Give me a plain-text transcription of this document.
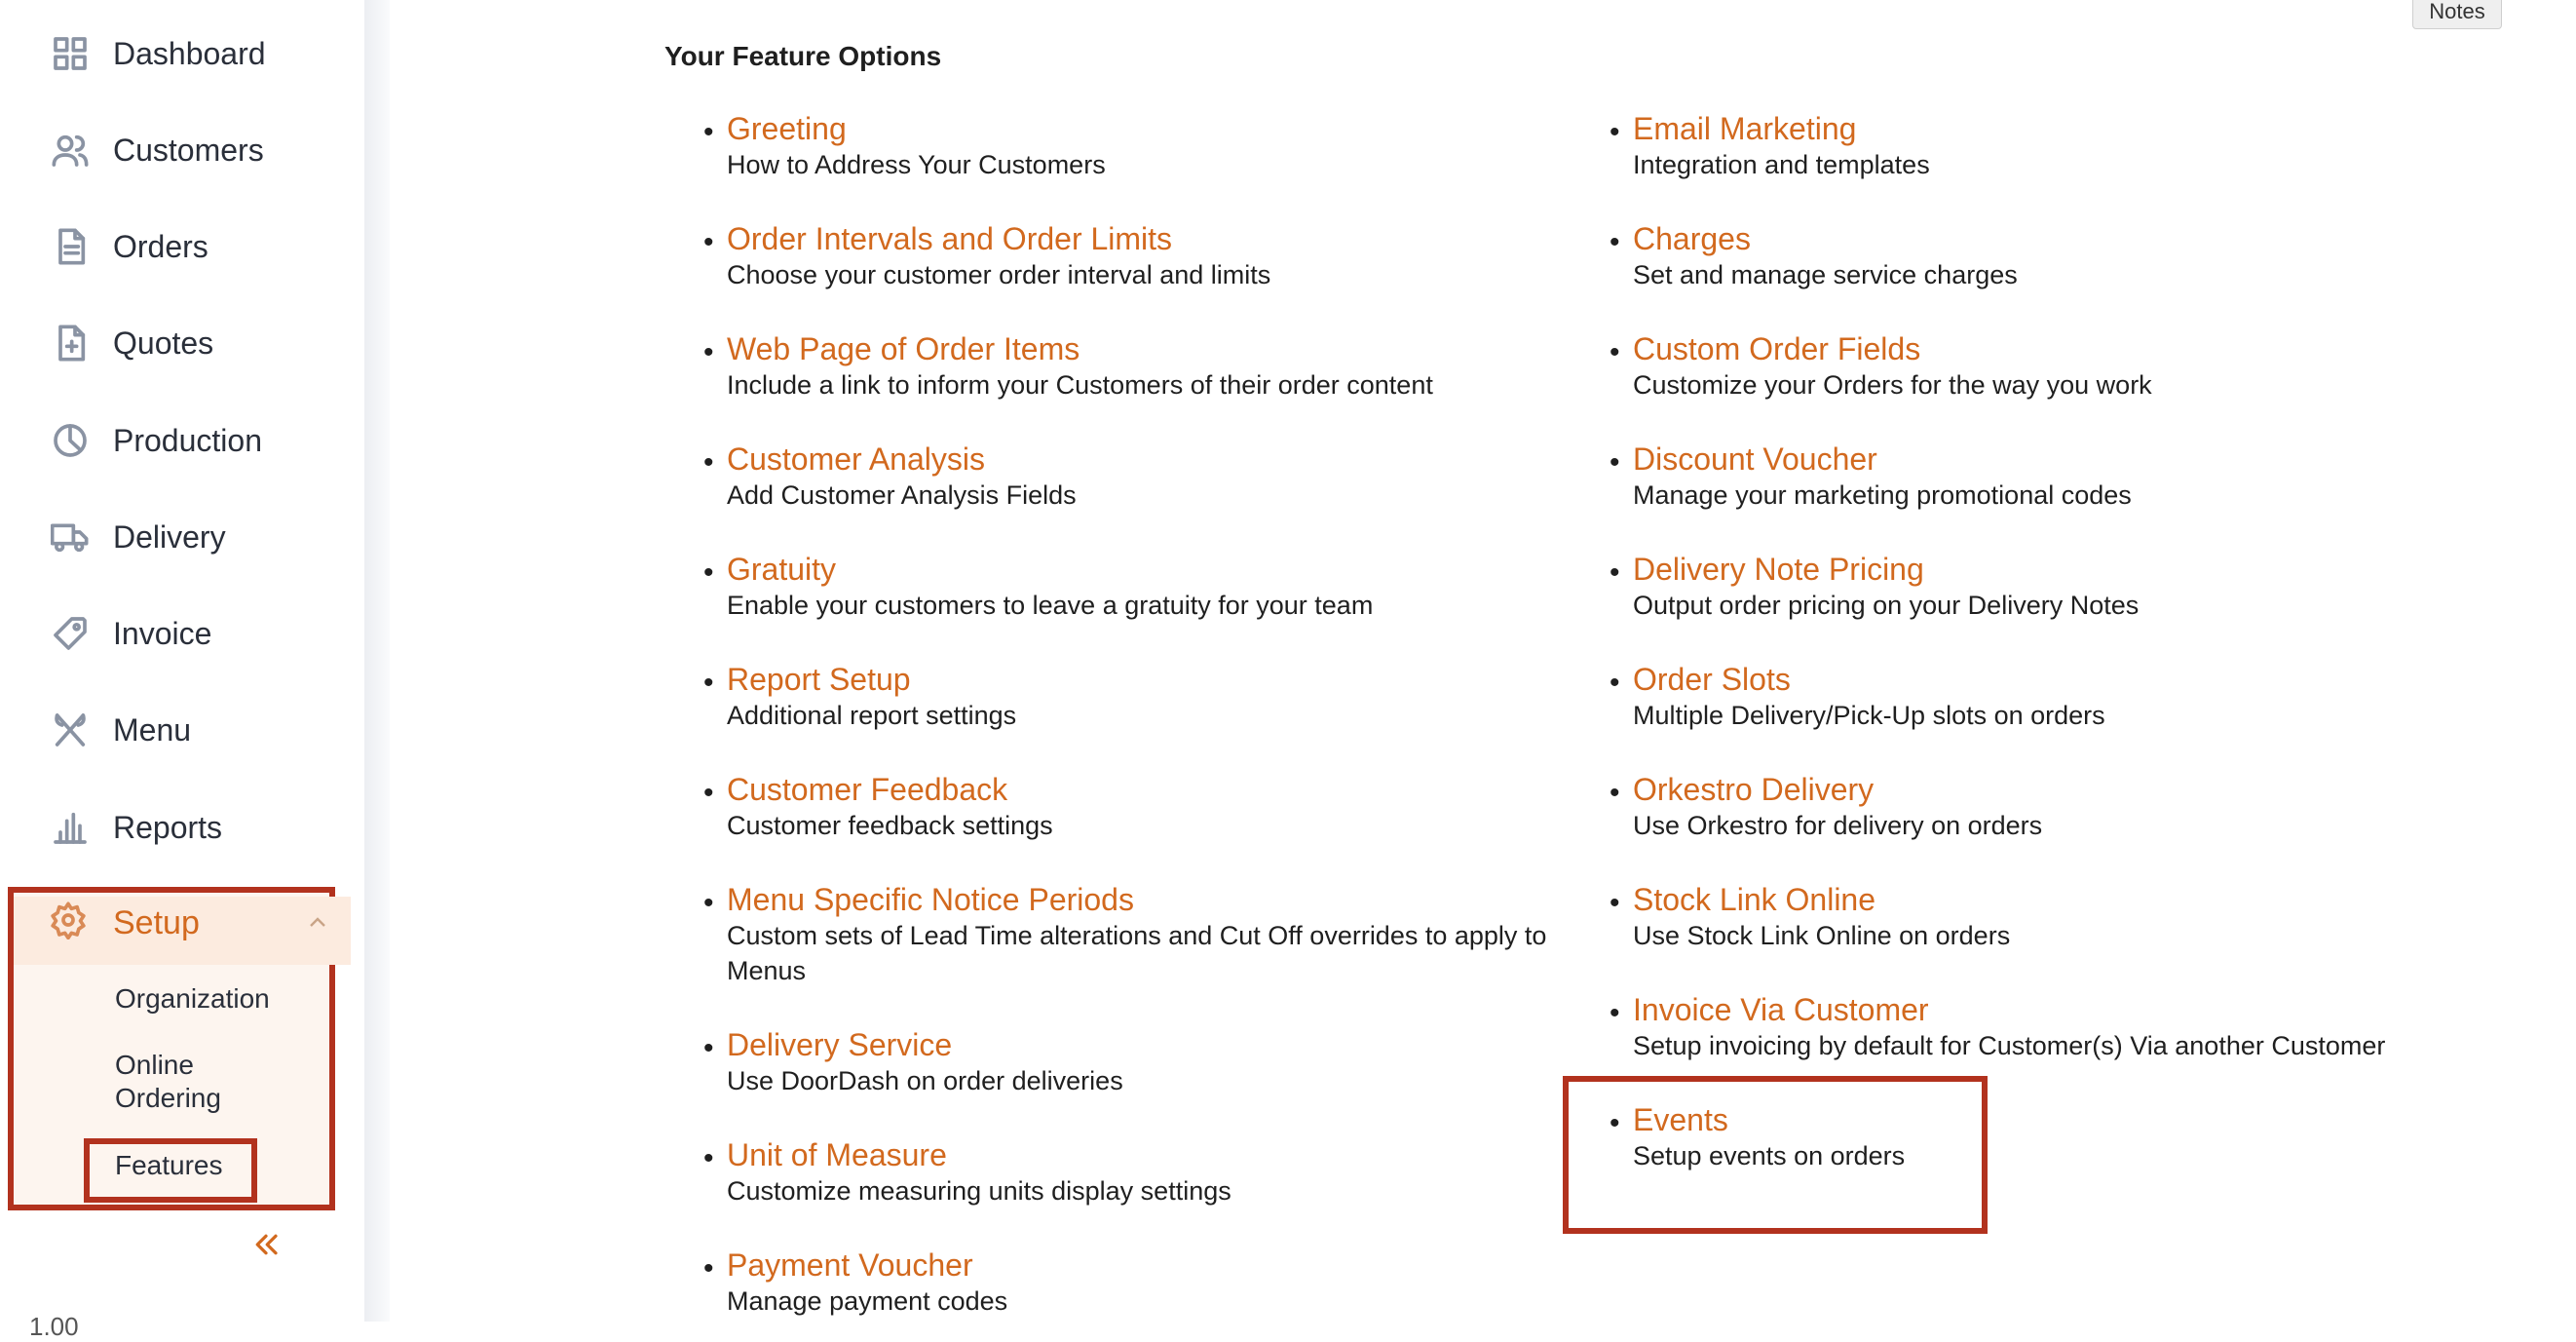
Dashboard
Customers
Orders
Quotes
Production
Delivery
Invoice
Menu
Reports
Setup
Organization
Online
Ordering
Features
1.00
Your Feature Options
• Greeting
How to Address Your Customers
• Order Intervals and Order Limits
Choose your customer order interval and limits
• Web Page of Order Items
Include a link to inform your Customers of their order content
• Customer Analysis
Add Customer Analysis Fields
• Gratuity
Enable your customers to leave a gratuity for your team
• Report Setup
Additional report settings
• Customer Feedback
Customer feedback settings
• Menu Specific Notice Periods
Custom sets of Lead Time alterations and Cut Off overrides to apply to Menus
• Delivery Service
Use DoorDash on order deliveries
• Unit of Measure
Customize measuring units display settings
• Payment Voucher
Manage payment codes
• Email Marketing
Integration and templates
• Charges
Set and manage service charges
• Custom Order Fields
Customize your Orders for the way you work
• Discount Voucher
Manage your marketing promotional codes
• Delivery Note Pricing
Output order pricing on your Delivery Notes
• Order Slots
Multiple Delivery/Pick-Up slots on orders
• Orkestro Delivery
Use Orkestro for delivery on orders
• Stock Link Online
Use Stock Link Online on orders
• Invoice Via Customer
Setup invoicing by default for Customer(s) Via another Customer
• Events
Setup events on orders
Notes
